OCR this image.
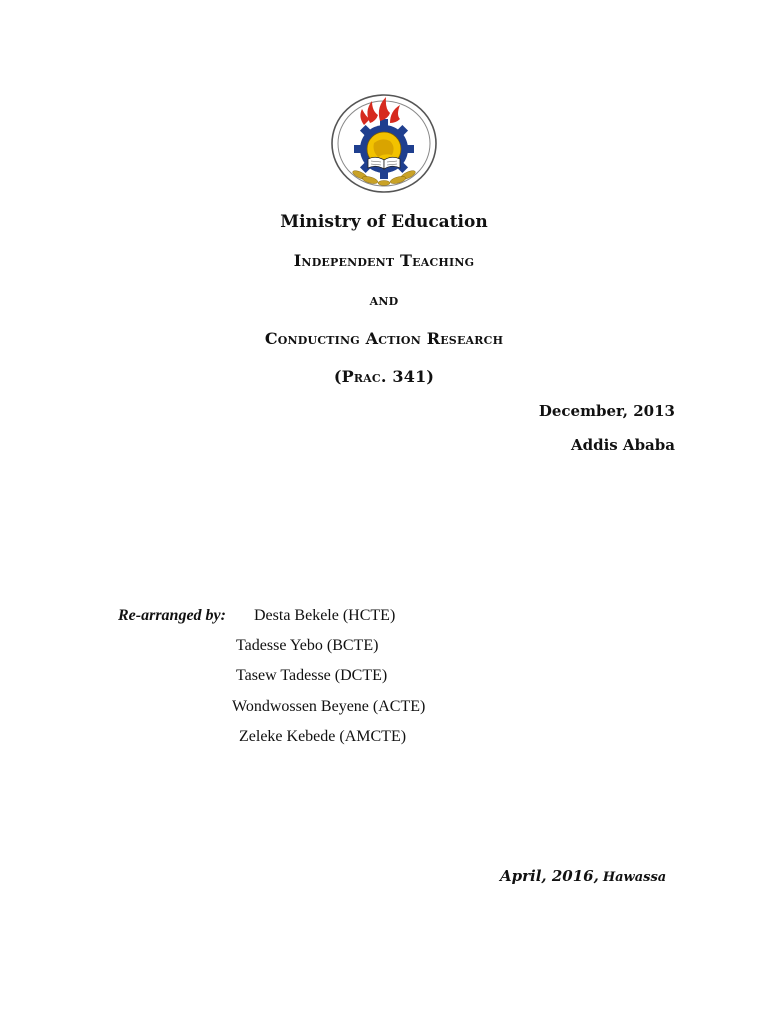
Ministry of Education
Independent Teaching
and
Conducting Action Research
(Prac. 341)
December, 2013
Addis Ababa
Re-arranged by: Desta Bekele (HCTE)
Tadesse Yebo (BCTE)
Tasew Tadesse (DCTE)
Wondwossen Beyene (ACTE)
Zeleke Kebede (AMCTE)
April, 2016, Hawassa
